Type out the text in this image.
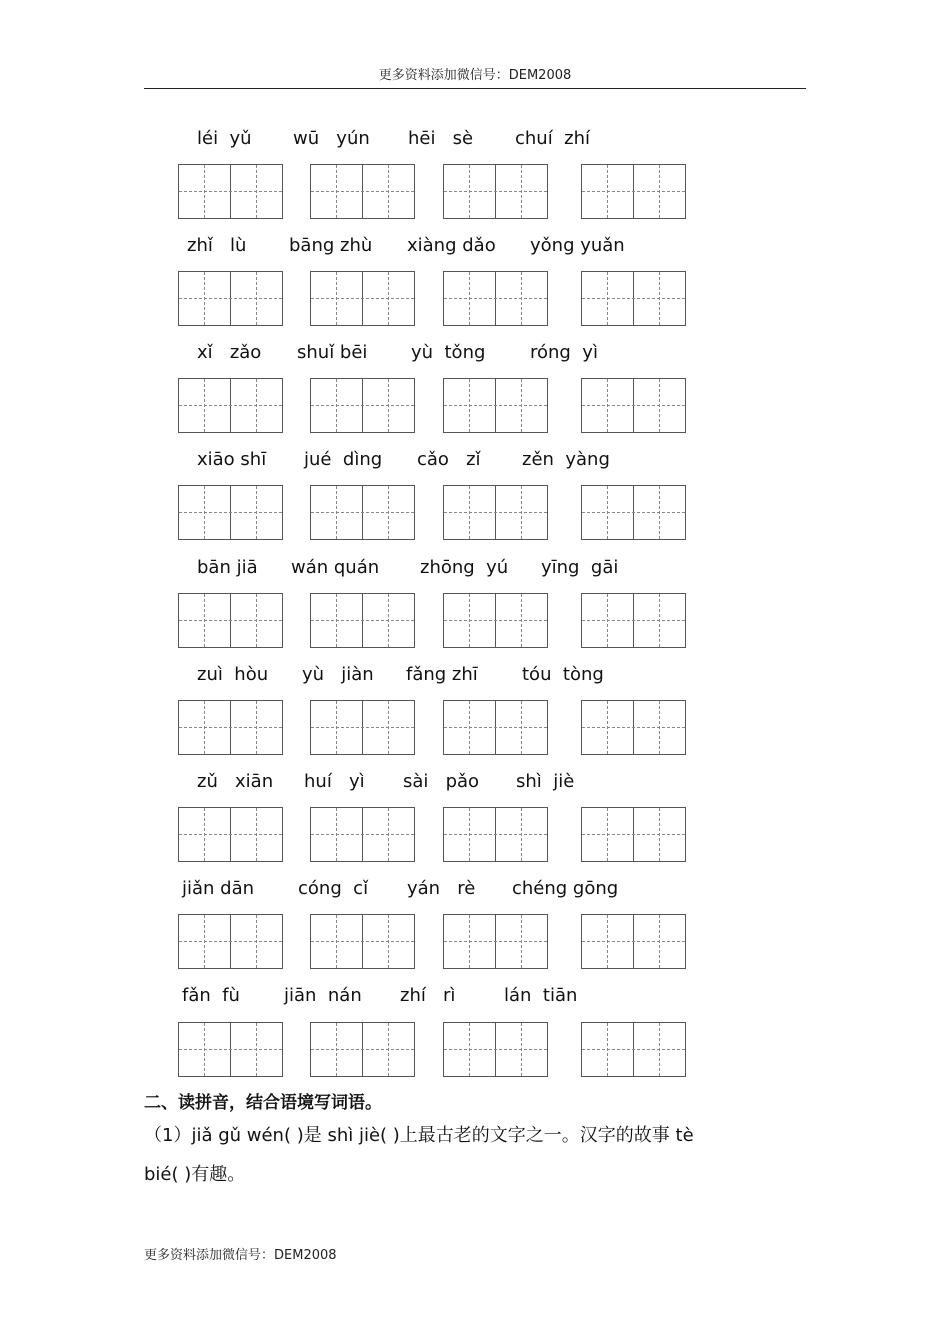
更多资料添加微信号：DEM2008
léi  yǔ wū   yún hēi   sè chuí  zhí
zhǐ   lù bāng zhù xiàng dǎo yǒng yuǎn
xǐ   zǎo shuǐ bēi yù  tǒng róng  yì
xiāo shī jué  dìng cǎo   zǐ zěn  yàng
bān jiā wán quán zhōng  yú yīng  gāi
zuì  hòu yù   jiàn fǎng zhī tóu  tòng
zǔ   xiān huí   yì sài   pǎo shì  jiè
jiǎn dān cóng  cǐ yán   rè chéng gōng
fǎn  fù jiān  nán zhí   rì	lán  tiān
二、读拼音，结合语境写词语。
（1）jiǎ gǔ wén( )是 shì jiè( )上最古老的文字之一。汉字的故事 tè
bié( )有趣。
更多资料添加微信号：DEM2008
